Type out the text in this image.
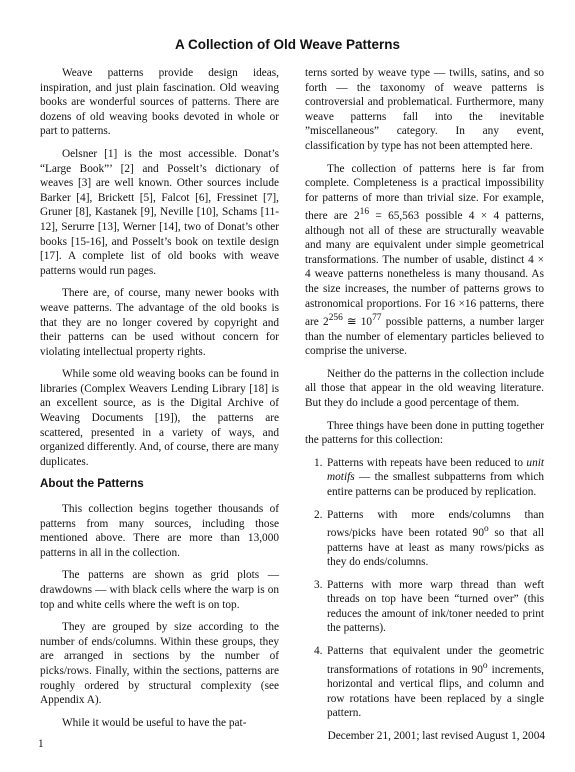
A Collection of Old Weave Patterns

Weave patterns provide design ideas, inspiration, and just plain fascination. Old weaving books are wonderful sources of patterns. There are dozens of old weaving books devoted in whole or part to patterns.

Oelsner [1] is the most accessible. Donat’s “Large Book”’ [2] and Posselt’s dictionary of weaves [3] are well known. Other sources include Barker [4], Brickett [5], Falcot [6], Fressinet [7], Gruner [8], Kastanek [9], Neville [10], Schams [11-12], Serurre [13], Werner [14], two of Donat’s other books [15-16], and Posselt’s book on textile design [17]. A complete list of old books with weave patterns would run pages.

There are, of course, many newer books with weave patterns. The advantage of the old books is that they are no longer covered by copyright and their patterns can be used without concern for violating intellectual property rights.

While some old weaving books can be found in libraries (Complex Weavers Lending Library [18] is an excellent source, as is the Digital Archive of Weaving Documents [19]), the patterns are scattered, presented in a variety of ways, and organized differently. And, of course, there are many duplicates.

About the Patterns

This collection begins together thousands of patterns from many sources, including those mentioned above. There are more than 13,000 patterns in all in the collection.

The patterns are shown as grid plots — drawdowns — with black cells where the warp is on top and white cells where the weft is on top.

They are grouped by size according to the number of ends/columns. Within these groups, they are arranged in sections by the number of picks/rows. Finally, within the sections, patterns are roughly ordered by structural complexity (see Appendix A).

While it would be useful to have the pat-

terns sorted by weave type — twills, satins, and so forth — the taxonomy of weave patterns is controversial and problematical. Furthermore, many weave patterns fall into the inevitable ”miscellaneous” category. In any event, classification by type has not been attempted here.

The collection of patterns here is far from complete. Completeness is a practical impossibility for patterns of more than trivial size. For example, there are $2^{16} = 65,563$ possible 4 × 4 patterns, although not all of these are structurally weavable and many are equivalent under simple geometrical transformations. The number of usable, distinct 4 × 4 weave patterns nonetheless is many thousand. As the size increases, the number of patterns grows to astronomical proportions. For 16 ×16 patterns, there are $2^{256}$ ≅ $10^{77}$ possible patterns, a number larger than the number of elementary particles believed to comprise the universe.

Neither do the patterns in the collection include all those that appear in the old weaving literature. But they do include a good percentage of them.

Three things have been done in putting together the patterns for this collection:

1. Patterns with repeats have been reduced to unit motifs — the smallest subpatterns from which entire patterns can be produced by replication.
2. Patterns with more ends/columns than rows/picks have been rotated 90$^o$ so that all patterns have at least as many rows/picks as they do ends/columns.
3. Patterns with more warp thread than weft threads on top have been “turned over” (this reduces the amount of ink/toner needed to print the patterns).
4. Patterns that equivalent under the geometric transformations of rotations in 90$^o$ increments, horizontal and vertical flips, and column and row rotations have been replaced by a single pattern.
December 21, 2001; last revised August 1, 2004
1
